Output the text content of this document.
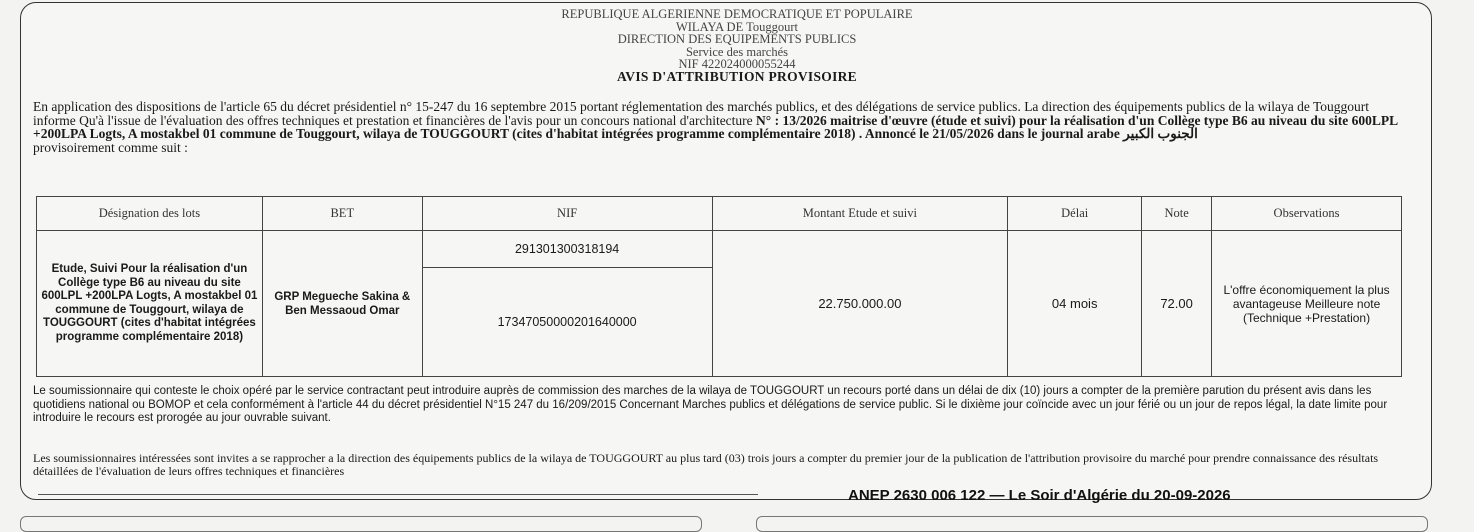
REPUBLIQUE ALGERIENNE DEMOCRATIQUE ET POPULAIRE
WILAYA DE Touggourt
DIRECTION DES EQUIPEMENTS PUBLICS
Service des marchés
NIF 422024000055244
AVIS D'ATTRIBUTION PROVISOIRE
En application des dispositions de l'article 65 du décret présidentiel n° 15-247 du 16 septembre 2015 portant réglementation des marchés publics, et des délégations de service publics. La direction des équipements publics de la wilaya de Touggourt informe Qu'à l'issue de l'évaluation des offres techniques et prestation et financières de l'avis pour un concours national d'architecture N° : 13/2026 maitrise d'œuvre (étude et suivi) pour la réalisation d'un Collège type B6 au niveau du site 600LPL +200LPA Logts, A mostakbel 01 commune de Touggourt, wilaya de TOUGGOURT (cites d'habitat intégrées programme complémentaire 2018) . Annoncé le 21/05/2026 dans le journal arabe الجنوب الكبير
provisoirement comme suit :
Désignation des lots	BET	NIF	Montant Etude et suivi	Délai	Note	Observations
Etude, Suivi Pour la réalisation d'un Collège type B6 au niveau du site 600LPL +200LPA Logts, A mostakbel 01 commune de Touggourt, wilaya de TOUGGOURT (cites d'habitat intégrées programme complémentaire 2018)	GRP Megueche Sakina & Ben Messaoud Omar	291301300318194	22.750.000.00	04 mois	72.00	L'offre économiquement la plus avantageuse Meilleure note (Technique +Prestation)
		17347050000201640000				
Le soumissionnaire qui conteste le choix opéré par le service contractant peut introduire auprès de commission des marches de la wilaya de TOUGGOURT un recours porté dans un délai de dix (10) jours a compter de la première parution du présent avis dans les quotidiens national ou BOMOP et cela conformément à l'article 44 du décret présidentiel N°15 247 du 16/209/2015 Concernant Marches publics et délégations de service public. Si le dixième jour coïncide avec un jour férié ou un jour de repos légal, la date limite pour introduire le recours est prorogée au jour ouvrable suivant.
Les soumissionnaires intéressées sont invites a se rapprocher a la direction des équipements publics de la wilaya de TOUGGOURT au plus tard (03) trois jours a compter du premier jour de la publication de l'attribution provisoire du marché pour prendre connaissance des résultats détaillées de l'évaluation de leurs offres techniques et financières
ANEP 2630 006 122 — Le Soir d'Algérie du 20-09-2026
